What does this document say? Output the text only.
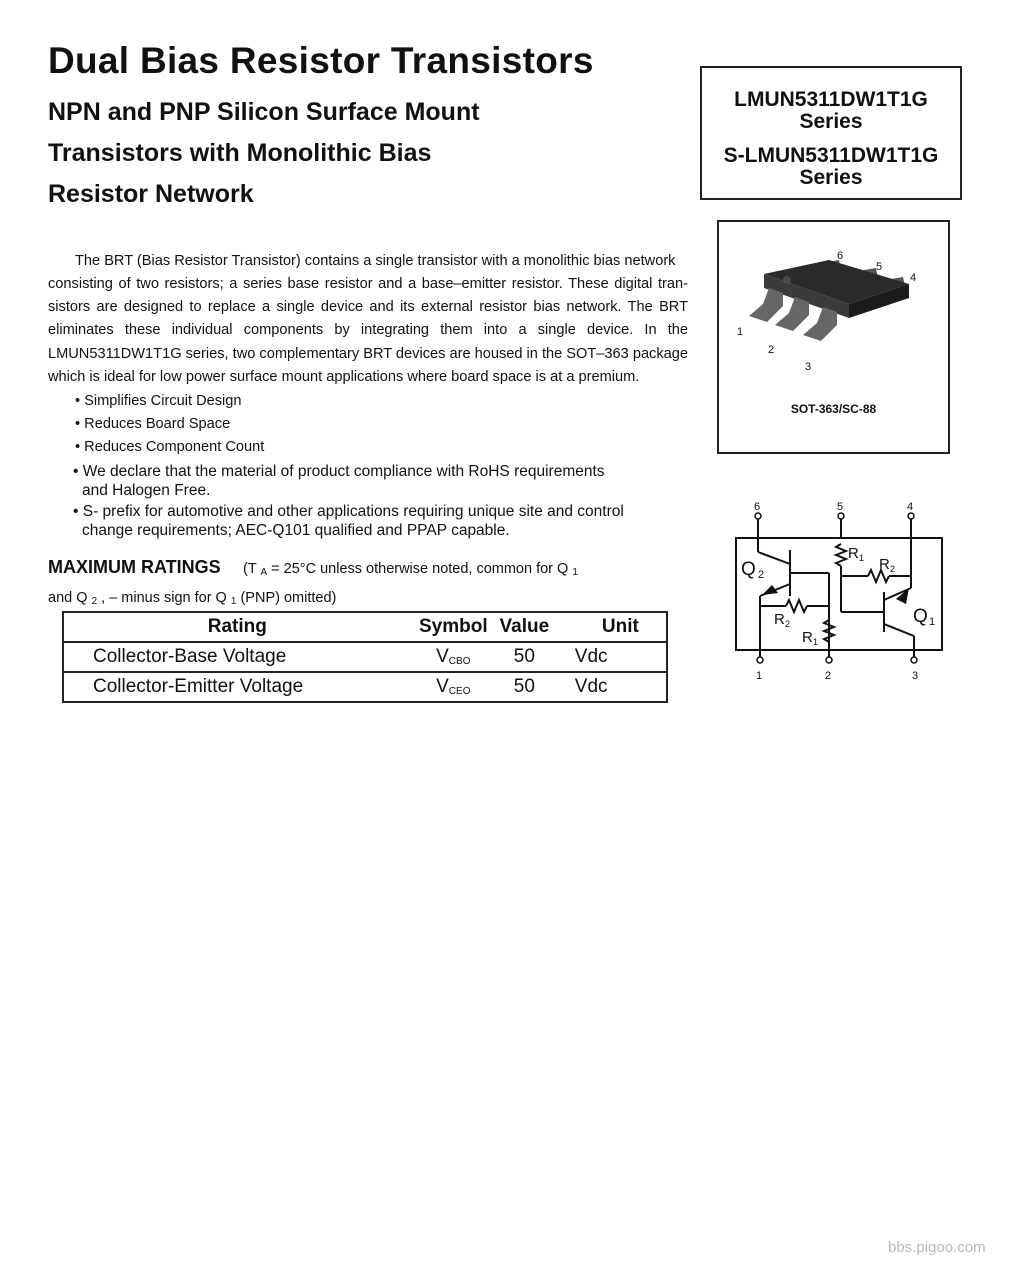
Dual Bias Resistor Transistors
NPN and PNP Silicon Surface Mount
Transistors with Monolithic Bias
Resistor Network
LMUN5311DW1T1G
Series
S-LMUN5311DW1T1G
Series
6
5
4
1
2
3
SOT-363/SC-88
The BRT (Bias Resistor Transistor) contains a single transistor with a monolithic bias network
consisting of two resistors; a series base resistor and a base–emitter resistor. These digital tran-
sistors are designed to replace a single device and its external resistor bias network. The BRT
eliminates these individual components by integrating them into a single device. In the
LMUN5311DW1T1G series, two complementary BRT devices are housed in the SOT–363 package
which is ideal for low power surface mount applications where board space is at a premium.
• Simplifies Circuit Design
• Reduces Board Space
• Reduces Component Count
• We declare that the material of product compliance with RoHS requirements
and Halogen Free.
• S- prefix for automotive and other applications requiring unique site and control
change requirements; AEC-Q101 qualified and PPAP capable.
MAXIMUM RATINGS (T $_A$ = 25°C unless otherwise noted, common for Q $_1$
and Q $_2$ , – minus sign for Q $_1$ (PNP) omitted)
Rating	Symbol	Value	Unit
Collector-Base Voltage	$V_{CBO}$	50	Vdc
Collector-Emitter Voltage	$V_{CEO}$	50	Vdc
6	5	4
1	2	3
Q 2
Q 1
R 1 R 2
R 2
R 1
bbs.pigoo.com
